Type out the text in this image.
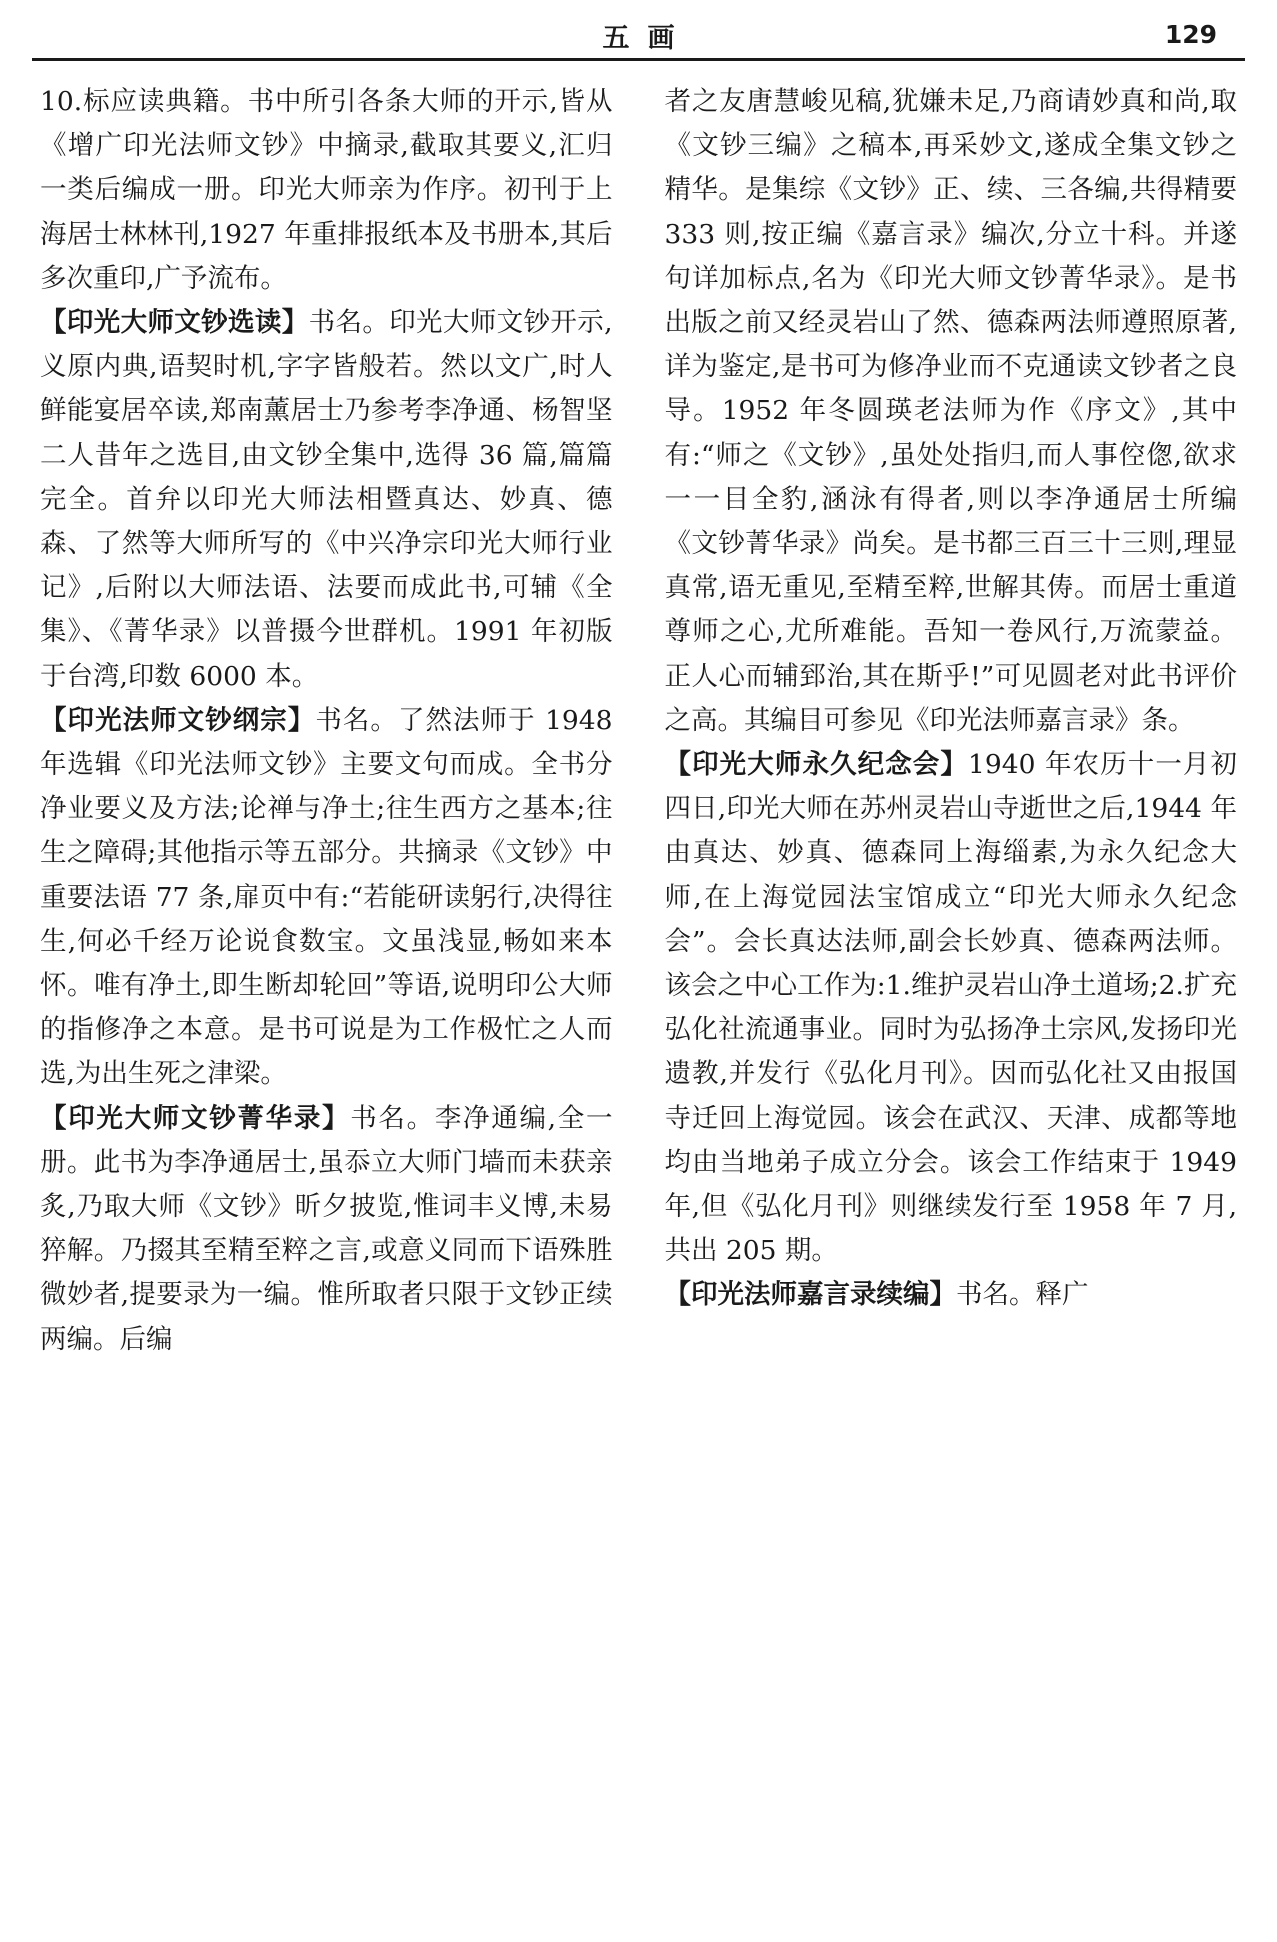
五画	129

10.标应读典籍。书中所引各条大师的开示,皆从《增广印光法师文钞》中摘录,截取其要义,汇归一类后编成一册。印光大师亲为作序。初刊于上海居士林林刊,1927 年重排报纸本及书册本,其后多次重印,广予流布。

【印光大师文钞选读】书名。印光大师文钞开示,义原内典,语契时机,字字皆般若。然以文广,时人鲜能宴居卒读,郑南薰居士乃参考李净通、杨智坚二人昔年之选目,由文钞全集中,选得 36 篇,篇篇完全。首弁以印光大师法相暨真达、妙真、德森、了然等大师所写的《中兴净宗印光大师行业记》,后附以大师法语、法要而成此书,可辅《全集》、《菁华录》以普摄今世群机。1991 年初版于台湾,印数 6000 本。

【印光法师文钞纲宗】书名。了然法师于 1948 年选辑《印光法师文钞》主要文句而成。全书分净业要义及方法;论禅与净土;往生西方之基本;往生之障碍;其他指示等五部分。共摘录《文钞》中重要法语 77 条,扉页中有:“若能研读躬行,决得往生,何必千经万论说食数宝。文虽浅显,畅如来本怀。唯有净土,即生断却轮回”等语,说明印公大师的指修净之本意。是书可说是为工作极忙之人而选,为出生死之津梁。

【印光大师文钞菁华录】书名。李净通编,全一册。此书为李净通居士,虽忝立大师门墙而未获亲炙,乃取大师《文钞》昕夕披览,惟词丰义博,未易猝解。乃掇其至精至粹之言,或意义同而下语殊胜微妙者,提要录为一编。惟所取者只限于文钞正续两编。后编

者之友唐慧峻见稿,犹嫌未足,乃商请妙真和尚,取《文钞三编》之稿本,再采妙文,遂成全集文钞之精华。是集综《文钞》正、续、三各编,共得精要 333 则,按正编《嘉言录》编次,分立十科。并遂句详加标点,名为《印光大师文钞菁华录》。是书出版之前又经灵岩山了然、德森两法师遵照原著,详为鉴定,是书可为修净业而不克通读文钞者之良导。1952 年冬圆瑛老法师为作《序文》,其中有:“师之《文钞》,虽处处指归,而人事倥偬,欲求一一目全豹,涵泳有得者,则以李净通居士所编《文钞菁华录》尚矣。是书都三百三十三则,理显真常,语无重见,至精至粹,世解其俦。而居士重道尊师之心,尤所难能。吾知一卷风行,万流蒙益。正人心而辅郅治,其在斯乎!”可见圆老对此书评价之高。其编目可参见《印光法师嘉言录》条。

【印光大师永久纪念会】1940 年农历十一月初四日,印光大师在苏州灵岩山寺逝世之后,1944 年由真达、妙真、德森同上海缁素,为永久纪念大师,在上海觉园法宝馆成立“印光大师永久纪念会”。会长真达法师,副会长妙真、德森两法师。该会之中心工作为:1.维护灵岩山净土道场;2.扩充弘化社流通事业。同时为弘扬净土宗风,发扬印光遗教,并发行《弘化月刊》。因而弘化社又由报国寺迁回上海觉园。该会在武汉、天津、成都等地均由当地弟子成立分会。该会工作结束于 1949 年,但《弘化月刊》则继续发行至 1958 年 7 月,共出 205 期。

【印光法师嘉言录续编】书名。释广
